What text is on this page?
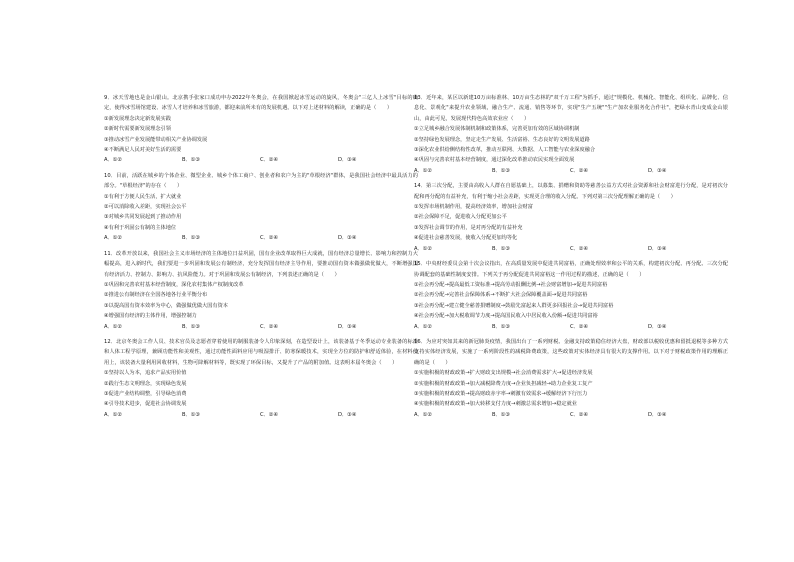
9．冰天雪地也是金山银山。北京携手张家口成功申办2022年冬奥会，在我国掀起冰雪运动的旋风，冬奥会"三亿人上冰雪"目标的确定，使得冰雪场馆建设、冰雪人才培养和冰雪旅游，都迎来前所未有的发展机遇。以下对上述材料的解读，正确的是（　　）

①新发展理念决定新发展实践

②新时代需要新发展理念引领

③推动冰雪产业发展能带动相关产业协调发展

④不断满足人民对美好生活的需要

A．①②	B．①③	C．②④	D．③④

10．目前，活跃在城乡的个体企业、微型企业、城乡个体工商户、创业者和农户为主的"草根经济"群体，是我国社会经济中最具活力的部分。"草根经济"的存在（　　）

①有利于方便人民生活，扩大就业

②可以消除收入差距，实现社会公平

③对城乡共同发展起到了推动作用

④有利于巩固公有制的主体地位

A．①②	B．①③	C．②④	D．③④

11．改革开放以来，我国社会主义市场经济的主体地位日益巩固，国有企业改革取得巨大成就，国有经济总量增长、影响力和控制力大幅提高，进入新时代，我们要进一步巩固和发展公有制经济，充分发挥国有经济主导作用，要推动国有资本做强做优做大，不断增强国有经济活力、控制力、影响力、抗风险能力。对于巩固和发展公有制经济，下列表述正确的是（　　）

①巩固和完善农村基本经营制度，深化农村集体产权制度改革

②推进公有制经济在全国各地各行业平衡分布

③以提高国有资本效率为中心，做强做优做大国有资本

④增强国有经济的主体作用，增强控制力

A．①②	B．①③	C．②④	D．③④

12．北京冬奥会工作人员、技术官员及志愿者穿着使用的制服装备令人印象深刻，在造型设计上，该装备基于冬季运动专业装备的标准和人体工程学原理，兼顾功能性和美观性，通过功能性面料应用与吸湿排汗、防寒保暖技术，实现全方位的防护和舒适体验，在材料使用上，该装备大量利用回收材料，生物可降解材料等，既实现了环保目标，又提升了产品的附加值。这表明本届冬奥会（　　）

①坚持以人为本，追求产品实用价值

②践行生态文明理念，实现绿色发展

③促进产业结构调整，引导绿色消费

④引导技术进步，促进社会协调发展

A．①②	B．①③	C．②④	D．③④

13．近年来，某区以新建10万亩标准林、10万亩生态林的"双千万工程"为抓手，通过"规模化、机械化、智能化、组织化、品牌化、信息化、景观化"来提升农业领域，融合生产、流通、销售等环节，实现"生产五统""生产加农业服务化合作社"，把绿水青山变成金山银山，由此可见，发展现代特色高效农业应（　　）

①立足城乡融合发展体制机制和政策体系，完善更加有效的区域协调机制

②坚持绿色发展理念，坚定走生产发展、生活富裕、生态良好的文明发展道路

③深化农业供给侧结构性改革，推动互联网、大数据、人工智能与农业深度融合

④巩固与完善农村基本经营制度，通过深化改革推动农民实现全面发展

A．①②	B．①③	C．②④	D．③④

14．第三次分配，主要由高收入人群在自愿基础上，以募集、捐赠和资助等慈善公益方式对社会资源和社会财富进行分配，是对初次分配和再分配的有益补充，有利于缩小社会差距，实现更合理的收入分配。下列对第三次分配理解正确的是（　　）

①发挥市场机制作用，提高经济效率，增加社会财富

②社会保障不足，促进收入分配更加公平

③发挥社会调节的作用，是对再分配的有益补充

④促进社会慈善发展，使收入分配更加均等化

A．①②	B．①③	C．②④	D．③④

15．中央财经委员会第十次会议指出，在高质量发展中促进共同富裕，正确处理效率和公平的关系，构建初次分配、再分配、三次分配协调配套的基础性制度安排。下列关于再分配促进共同富裕这一作用过程的描述，正确的是（　　）

①社会再分配→提高最低工资标准→提高劳动报酬比例→社会财富增加→促进共同富裕

②社会再分配→完善社会保障体系→不断扩大社会保障覆盖面→促进共同富裕

③社会再分配→建立健全慈善捐赠制度→鼓励先富起来人群更多回报社会→促进共同富裕

④社会再分配→加大税收调节力度→提高国民收入中居民收入份额→促进共同富裕

A．①②	B．①③	C．②④	D．③④

16．为应对突如其来的新冠肺炎疫情，我国出台了一系列财税、金融支持政策稳住经济大盘，财政部以税收优惠和留抵退税等多种方式支持实体经济发展，实施了一系列阶段性的减税降费政策，这些政策对实体经济具有很大的支撑作用。以下对于财税政策作用的理解正确的是（　　）

①实施积极的财政政策→扩大财政支出规模→社会消费需求扩大→促进经济发展

②实施积极的财政政策→加大减税降费力度→企业负担减轻→助力企业复工复产

③实施积极的财政政策→提高财政赤字率→刺激有效需求→缓解经济下行压力

④实施积极的财政政策→加大转移支付力度→刺激总需求增加→稳定就业

A．①②	B．①③	C．②④	D．③④
